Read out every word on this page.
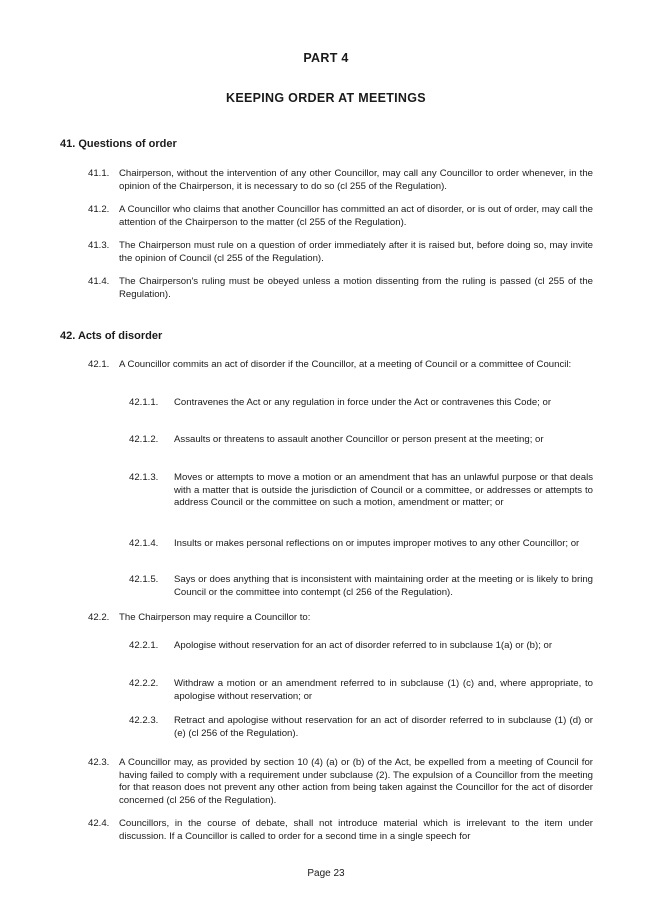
PART 4
KEEPING ORDER AT MEETINGS
41. Questions of order
41.1.	Chairperson, without the intervention of any other Councillor, may call any Councillor to order whenever, in the opinion of the Chairperson, it is necessary to do so (cl 255 of the Regulation).
41.2.	A Councillor who claims that another Councillor has committed an act of disorder, or is out of order, may call the attention of the Chairperson to the matter (cl 255 of the Regulation).
41.3.	The Chairperson must rule on a question of order immediately after it is raised but, before doing so, may invite the opinion of Council (cl 255 of the Regulation).
41.4.	The Chairperson's ruling must be obeyed unless a motion dissenting from the ruling is passed (cl 255 of the Regulation).
42. Acts of disorder
42.1.	A Councillor commits an act of disorder if the Councillor, at a meeting of Council or a committee of Council:
42.1.1.	Contravenes the Act or any regulation in force under the Act or contravenes this Code; or
42.1.2.	Assaults or threatens to assault another Councillor or person present at the meeting; or
42.1.3.	Moves or attempts to move a motion or an amendment that has an unlawful purpose or that deals with a matter that is outside the jurisdiction of Council or a committee, or addresses or attempts to address Council or the committee on such a motion, amendment or matter; or
42.1.4.	Insults or makes personal reflections on or imputes improper motives to any other Councillor; or
42.1.5.	Says or does anything that is inconsistent with maintaining order at the meeting or is likely to bring Council or the committee into contempt (cl 256 of the Regulation).
42.2.	The Chairperson may require a Councillor to:
42.2.1.	Apologise without reservation for an act of disorder referred to in subclause 1(a) or (b); or
42.2.2.	Withdraw a motion or an amendment referred to in subclause (1) (c) and, where appropriate, to apologise without reservation; or
42.2.3.	Retract and apologise without reservation for an act of disorder referred to in subclause (1) (d) or (e) (cl 256 of the Regulation).
42.3.	A Councillor may, as provided by section 10 (4) (a) or (b) of the Act, be expelled from a meeting of Council for having failed to comply with a requirement under subclause (2). The expulsion of a Councillor from the meeting for that reason does not prevent any other action from being taken against the Councillor for the act of disorder concerned (cl 256 of the Regulation).
42.4.	Councillors, in the course of debate, shall not introduce material which is irrelevant to the item under discussion. If a Councillor is called to order for a second time in a single speech for
Page 23
